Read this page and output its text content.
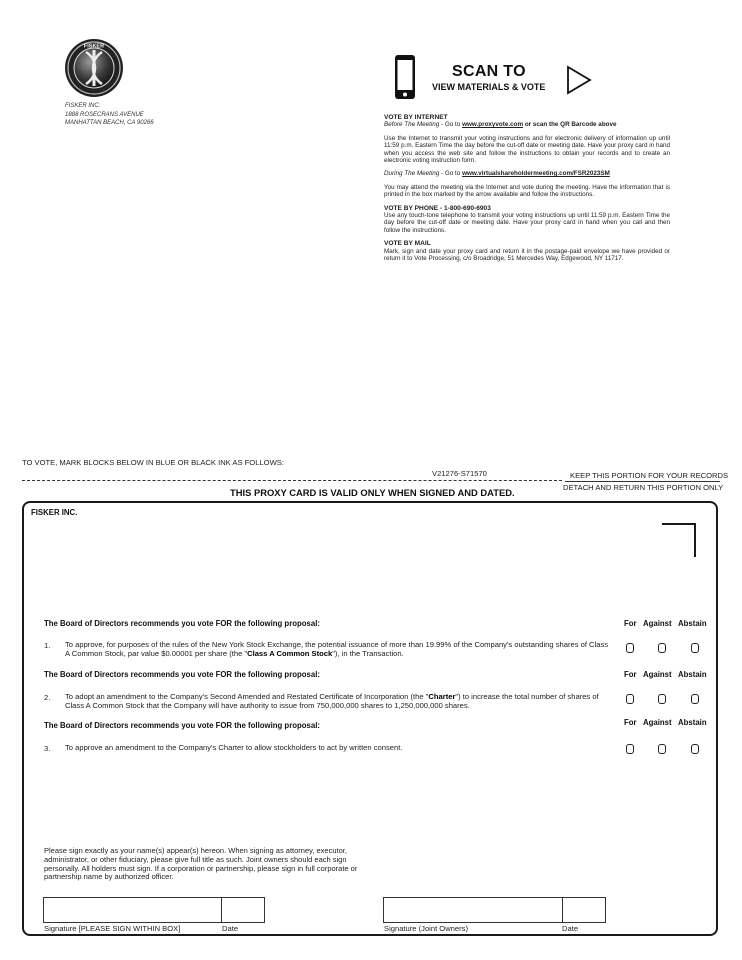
FISKER
FISKER INC.
1888 ROSECRANS AVENUE
MANHATTAN BEACH, CA 90266
SCAN TO
VIEW MATERIALS & VOTE
VOTE BY INTERNET

Before The Meeting - Go to www.proxyvote.com or scan the QR Barcode above

Use the Internet to transmit your voting instructions and for electronic delivery of information up until 11:59 p.m. Eastern Time the day before the cut-off date or meeting date. Have your proxy card in hand when you access the web site and follow the instructions to obtain your records and to create an electronic voting instruction form.

During The Meeting - Go to www.virtualshareholdermeeting.com/FSR2023SM

You may attend the meeting via the Internet and vote during the meeting. Have the information that is printed in the box marked by the arrow available and follow the instructions.

VOTE BY PHONE - 1-800-690-6903

Use any touch-tone telephone to transmit your voting instructions up until 11:59 p.m. Eastern Time the day before the cut-off date or meeting date. Have your proxy card in hand when you call and then follow the instructions.

VOTE BY MAIL

Mark, sign and date your proxy card and return it in the postage-paid envelope we have provided or return it to Vote Processing, c/o Broadridge, 51 Mercedes Way, Edgewood, NY 11717.

TO VOTE, MARK BLOCKS BELOW IN BLUE OR BLACK INK AS FOLLOWS:
V21276-S71570	KEEP THIS PORTION FOR YOUR RECORDS
THIS PROXY CARD IS VALID ONLY WHEN SIGNED AND DATED.	DETACH AND RETURN THIS PORTION ONLY
FISKER INC.
The Board of Directors recommends you vote FOR the following proposal:	For Against Abstain
1. To approve, for purposes of the rules of the New York Stock Exchange, the potential issuance of more than 19.99% of the Company's outstanding shares of Class A Common Stock, par value $0.00001 per share (the "Class A Common Stock"), in the Transaction.
The Board of Directors recommends you vote FOR the following proposal:	For Against Abstain
2. To adopt an amendment to the Company's Second Amended and Restated Certificate of Incorporation (the "Charter") to increase the total number of shares of Class A Common Stock that the Company will have authority to issue from 750,000,000 shares to 1,250,000,000 shares.
The Board of Directors recommends you vote FOR the following proposal:	For Against Abstain
3. To approve an amendment to the Company's Charter to allow stockholders to act by written consent.
Please sign exactly as your name(s) appear(s) hereon. When signing as attorney, executor, administrator, or other fiduciary, please give full title as such. Joint owners should each sign personally. All holders must sign. If a corporation or partnership, please sign in full corporate or partnership name by authorized officer.
Signature [PLEASE SIGN WITHIN BOX]	Date	Signature (Joint Owners)	Date
